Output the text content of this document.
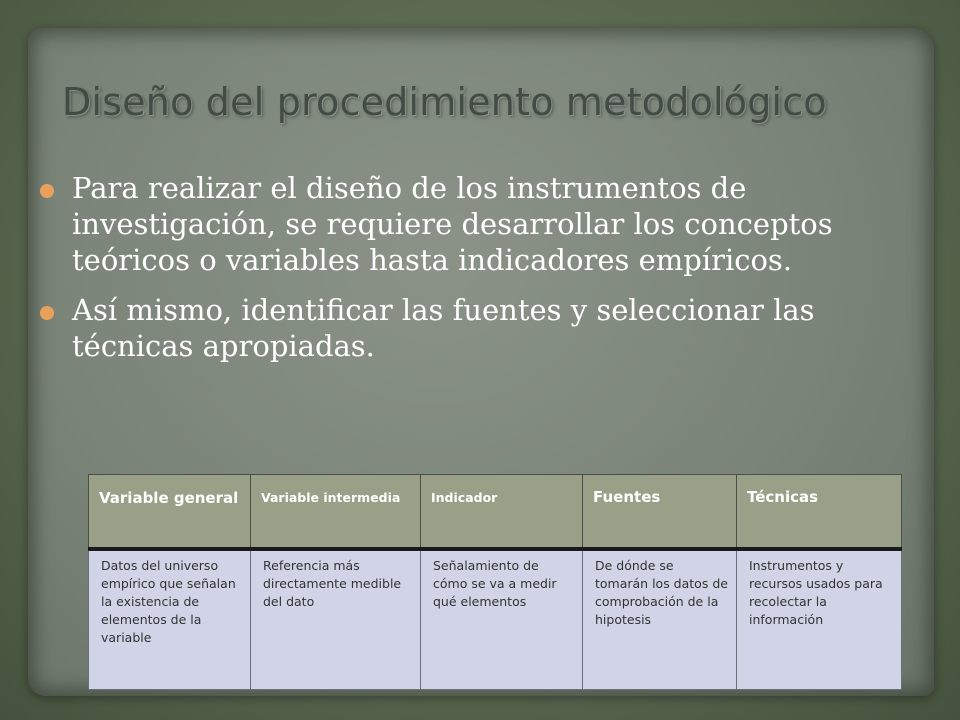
Diseño del procedimiento metodológico
Para realizar el diseño de los instrumentos de investigación, se requiere desarrollar los conceptos teóricos o variables hasta indicadores empíricos.
Así mismo, identificar las fuentes y seleccionar las técnicas apropiadas.
Variable general	Variable intermedia	Indicador	Fuentes	Técnicas
Datos del universo empírico que señalan la existencia de elementos de la variable	Referencia más directamente medible del dato	Señalamiento de cómo se va a medir qué elementos	De dónde se tomarán los datos de comprobación de la hipotesis	Instrumentos y recursos usados para recolectar la información
